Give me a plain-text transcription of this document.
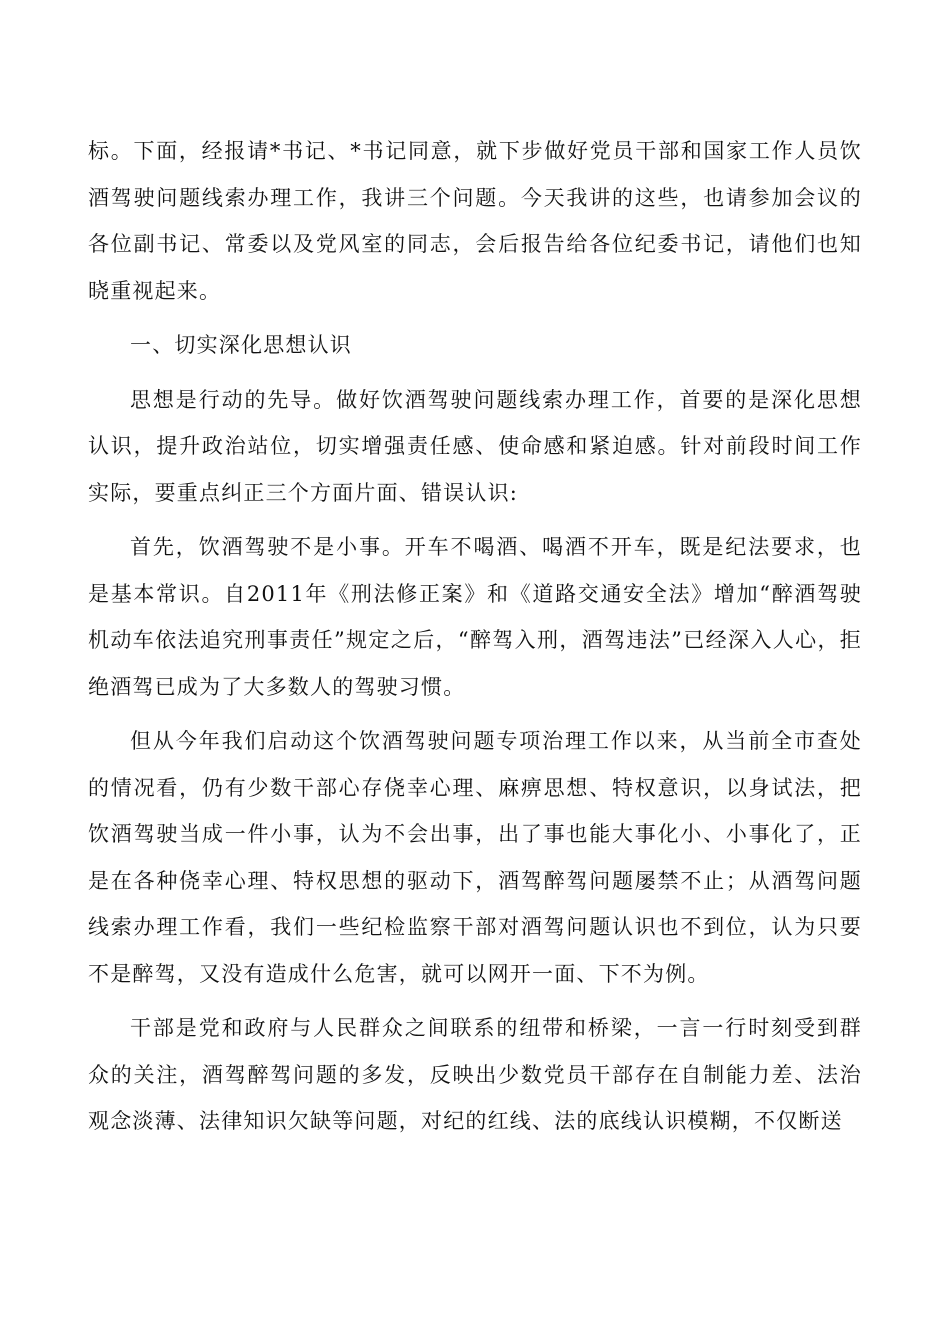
标。下面，经报请*书记、*书记同意，就下步做好党员干部和国家工作人员饮酒驾驶问题线索办理工作，我讲三个问题。今天我讲的这些，也请参加会议的各位副书记、常委以及党风室的同志，会后报告给各位纪委书记，请他们也知晓重视起来。

一、切实深化思想认识

思想是行动的先导。做好饮酒驾驶问题线索办理工作，首要的是深化思想认识，提升政治站位，切实增强责任感、使命感和紧迫感。针对前段时间工作实际，要重点纠正三个方面片面、错误认识:

首先，饮酒驾驶不是小事。开车不喝酒、喝酒不开车，既是纪法要求，也是基本常识。自2011年《刑法修正案》和《道路交通安全法》增加“醉酒驾驶机动车依法追究刑事责任”规定之后，“醉驾入刑，酒驾违法”已经深入人心，拒绝酒驾已成为了大多数人的驾驶习惯。

但从今年我们启动这个饮酒驾驶问题专项治理工作以来，从当前全市查处的情况看，仍有少数干部心存侥幸心理、麻痹思想、特权意识，以身试法，把饮酒驾驶当成一件小事，认为不会出事，出了事也能大事化小、小事化了，正是在各种侥幸心理、特权思想的驱动下，酒驾醉驾问题屡禁不止；从酒驾问题线索办理工作看，我们一些纪检监察干部对酒驾问题认识也不到位，认为只要不是醉驾，又没有造成什么危害，就可以网开一面、下不为例。

干部是党和政府与人民群众之间联系的纽带和桥梁，一言一行时刻受到群众的关注，酒驾醉驾问题的多发，反映出少数党员干部存在自制能力差、法治观念淡薄、法律知识欠缺等问题，对纪的红线、法的底线认识模糊，不仅断送
